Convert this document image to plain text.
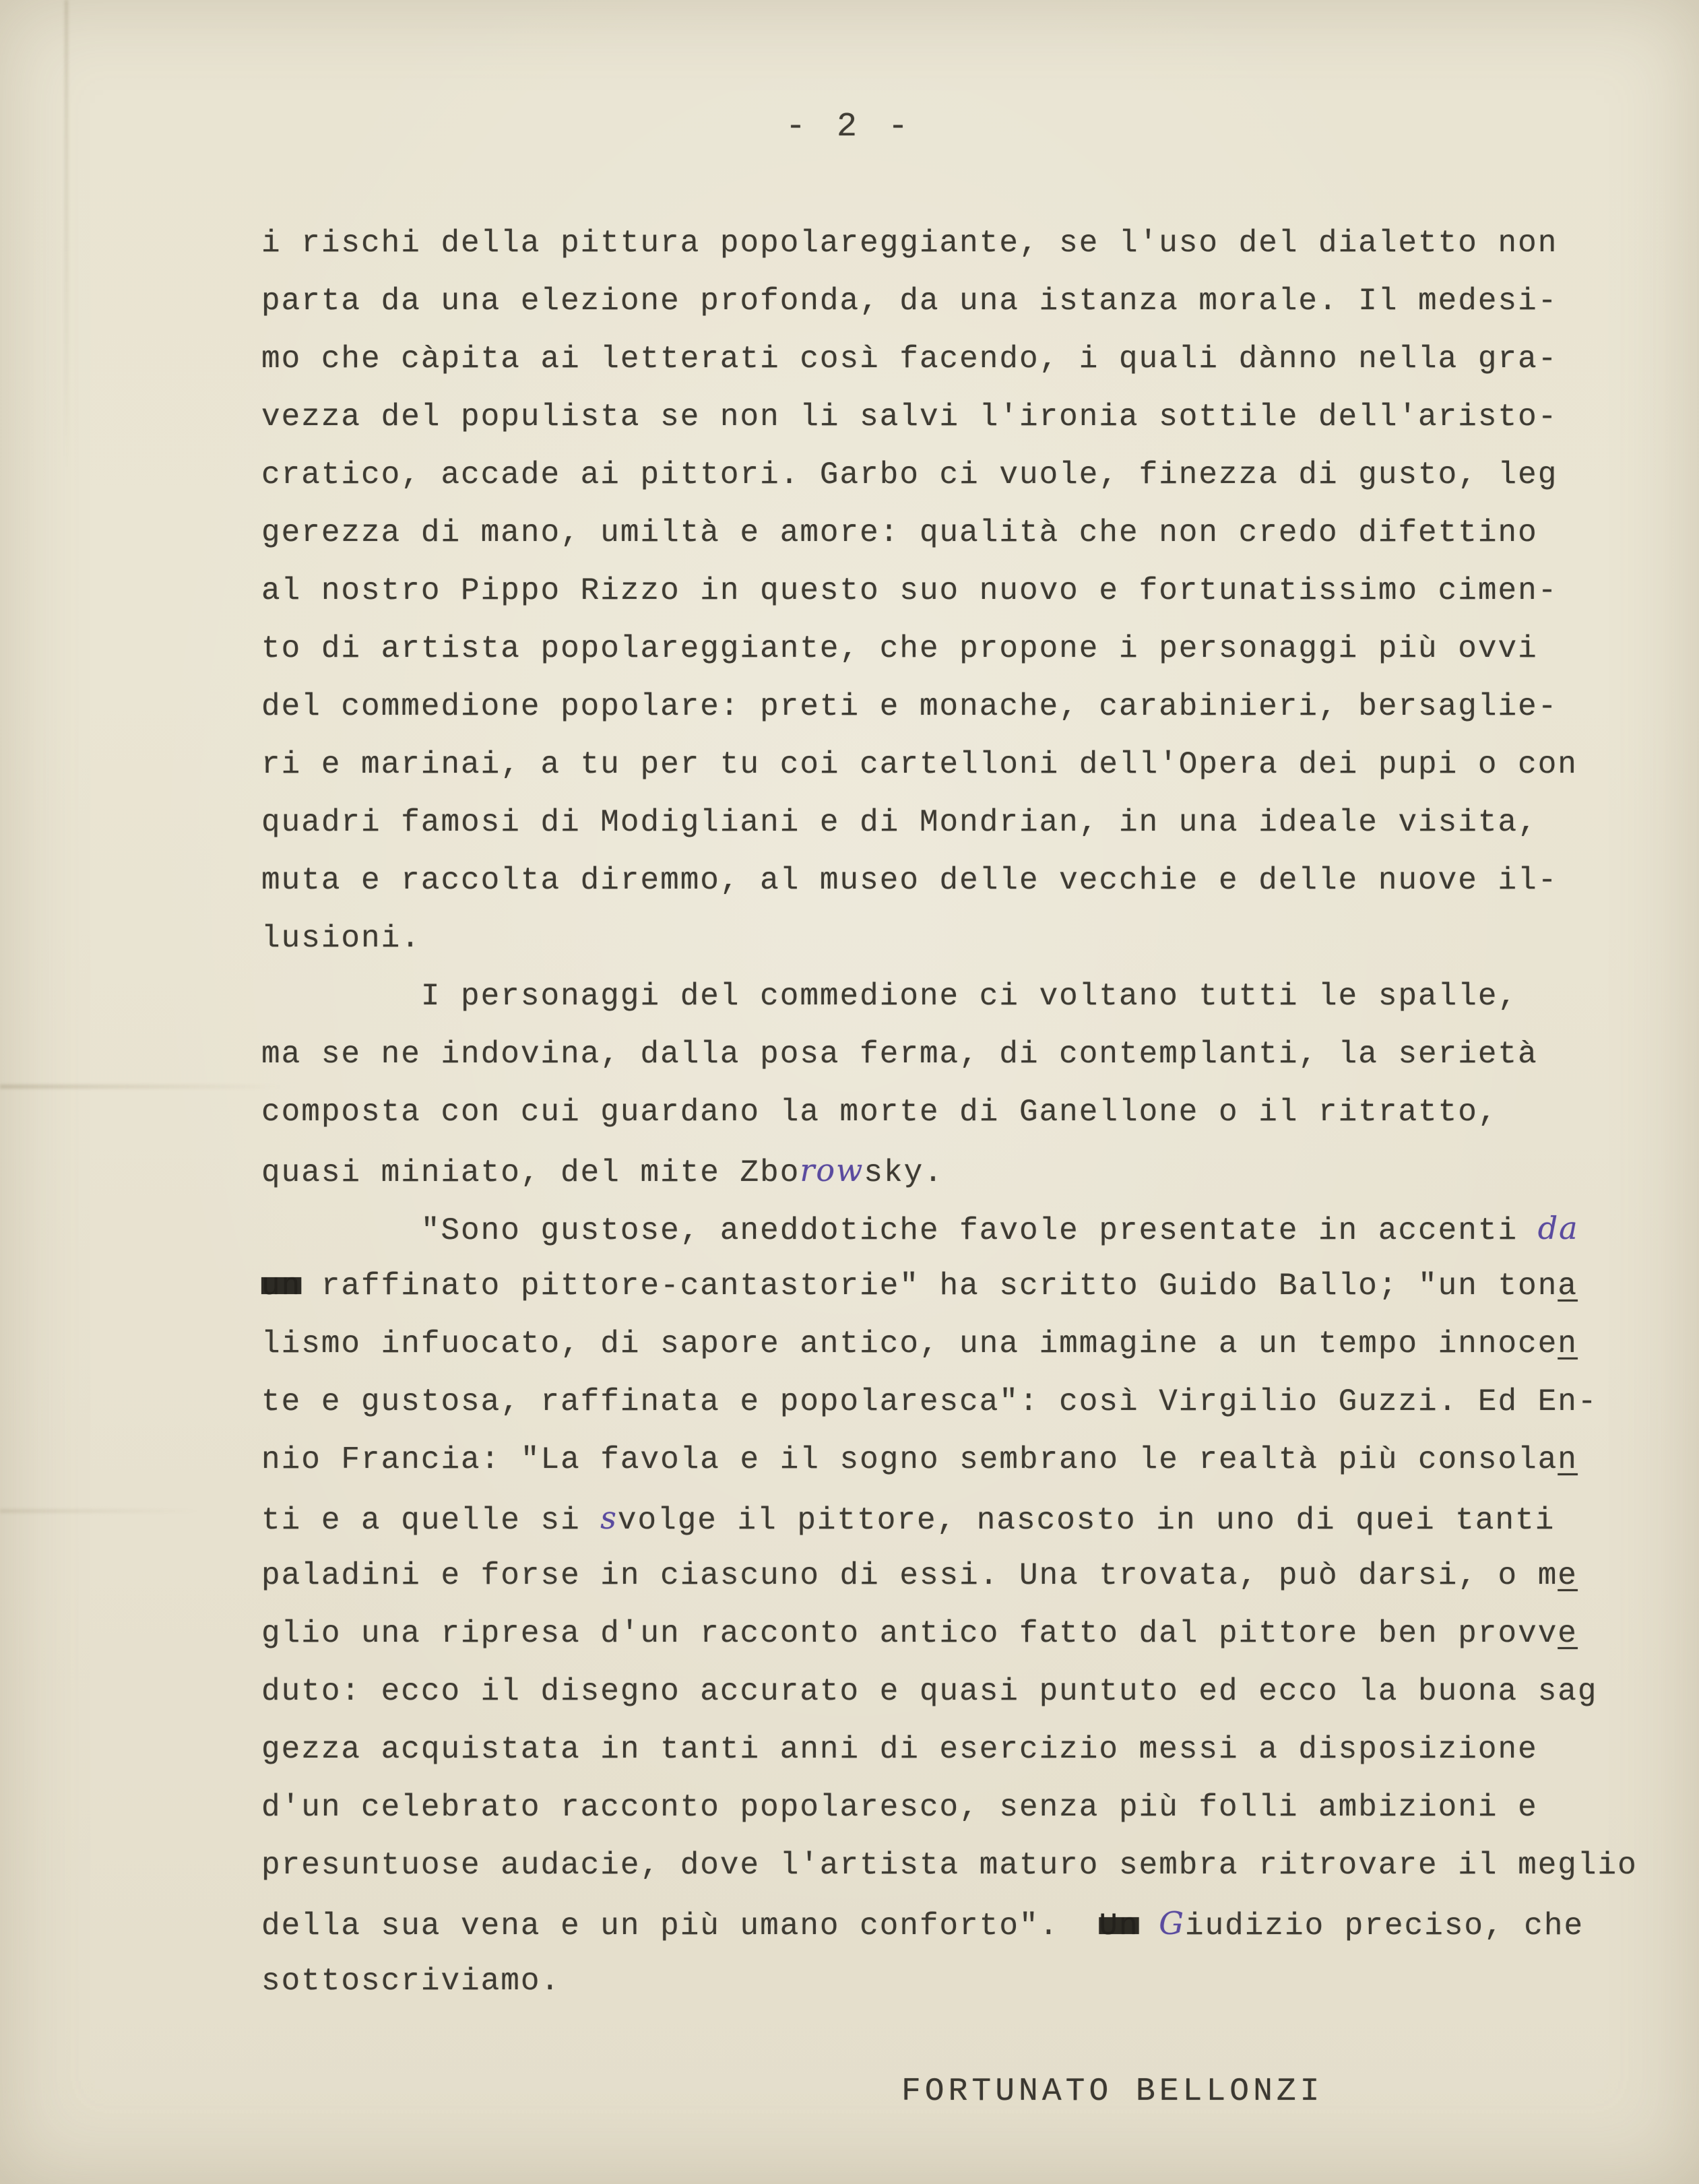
- 2 -
i rischi della pittura popolareggiante, se l'uso del dialetto non
parta da una elezione profonda, da una istanza morale. Il medesi-
mo che càpita ai letterati così facendo, i quali dànno nella gra-
vezza del populista se non li salvi l'ironia sottile dell'aristo-
cratico, accade ai pittori. Garbo ci vuole, finezza di gusto, leg
gerezza di mano, umiltà e amore: qualità che non credo difettino
al nostro Pippo Rizzo in questo suo nuovo e fortunatissimo cimen-
to di artista popolareggiante, che propone i personaggi più ovvi
del commedione popolare: preti e monache, carabinieri, bersaglie-
ri e marinai, a tu per tu coi cartelloni dell'Opera dei pupi o con
quadri famosi di Modigliani e di Mondrian, in una ideale visita,
muta e raccolta diremmo, al museo delle vecchie e delle nuove il-
lusioni.
I personaggi del commedione ci voltano tutti le spalle,
ma se ne indovina, dalla posa ferma, di contemplanti, la serietà
composta con cui guardano la morte di Ganellone o il ritratto,
quasi miniato, del mite Zborowsky.
"Sono gustose, aneddotiche favole presentate in accenti da
un raffinato pittore-cantastorie" ha scritto Guido Ballo; "un tona
lismo infuocato, di sapore antico, una immagine a un tempo innocen
te e gustosa, raffinata e popolaresca": così Virgilio Guzzi. Ed En-
nio Francia: "La favola e il sogno sembrano le realtà più consolan
ti e a quelle si svolge il pittore, nascosto in uno di quei tanti
paladini e forse in ciascuno di essi. Una trovata, può darsi, o me
glio una ripresa d'un racconto antico fatto dal pittore ben provve
duto: ecco il disegno accurato e quasi puntuto ed ecco la buona sag
gezza acquistata in tanti anni di esercizio messi a disposizione
d'un celebrato racconto popolaresco, senza più folli ambizioni e
presuntuose audacie, dove l'artista maturo sembra ritrovare il meglio
della sua vena e un più umano conforto".  Un Giudizio preciso, che
sottoscriviamo.
FORTUNATO BELLONZI
